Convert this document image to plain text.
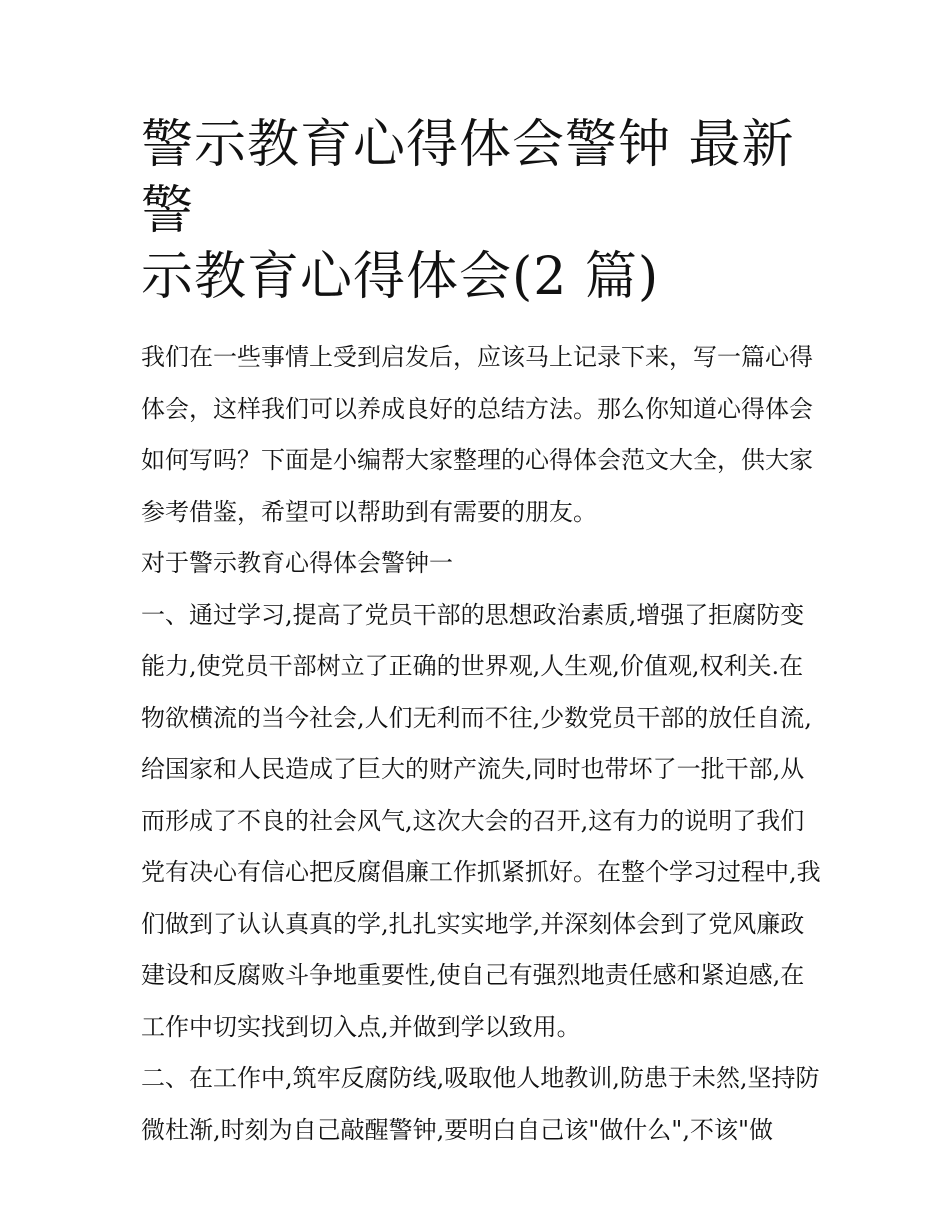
警示教育心得体会警钟 最新警
示教育心得体会(2 篇)

我们在一些事情上受到启发后，应该马上记录下来，写一篇心得体会，这样我们可以养成良好的总结方法。那么你知道心得体会如何写吗？下面是小编帮大家整理的心得体会范文大全，供大家参考借鉴，希望可以帮助到有需要的朋友。

对于警示教育心得体会警钟一

一、通过学习,提高了党员干部的思想政治素质,增强了拒腐防变能力,使党员干部树立了正确的世界观,人生观,价值观,权利关.在物欲横流的当今社会,人们无利而不往,少数党员干部的放任自流,给国家和人民造成了巨大的财产流失,同时也带坏了一批干部,从而形成了不良的社会风气,这次大会的召开,这有力的说明了我们党有决心有信心把反腐倡廉工作抓紧抓好。在整个学习过程中,我们做到了认认真真的学,扎扎实实地学,并深刻体会到了党风廉政建设和反腐败斗争地重要性,使自己有强烈地责任感和紧迫感,在工作中切实找到切入点,并做到学以致用。

二、在工作中,筑牢反腐防线,吸取他人地教训,防患于未然,坚持防微杜渐,时刻为自己敲醒警钟,要明白自己该"做什么",不该"做
